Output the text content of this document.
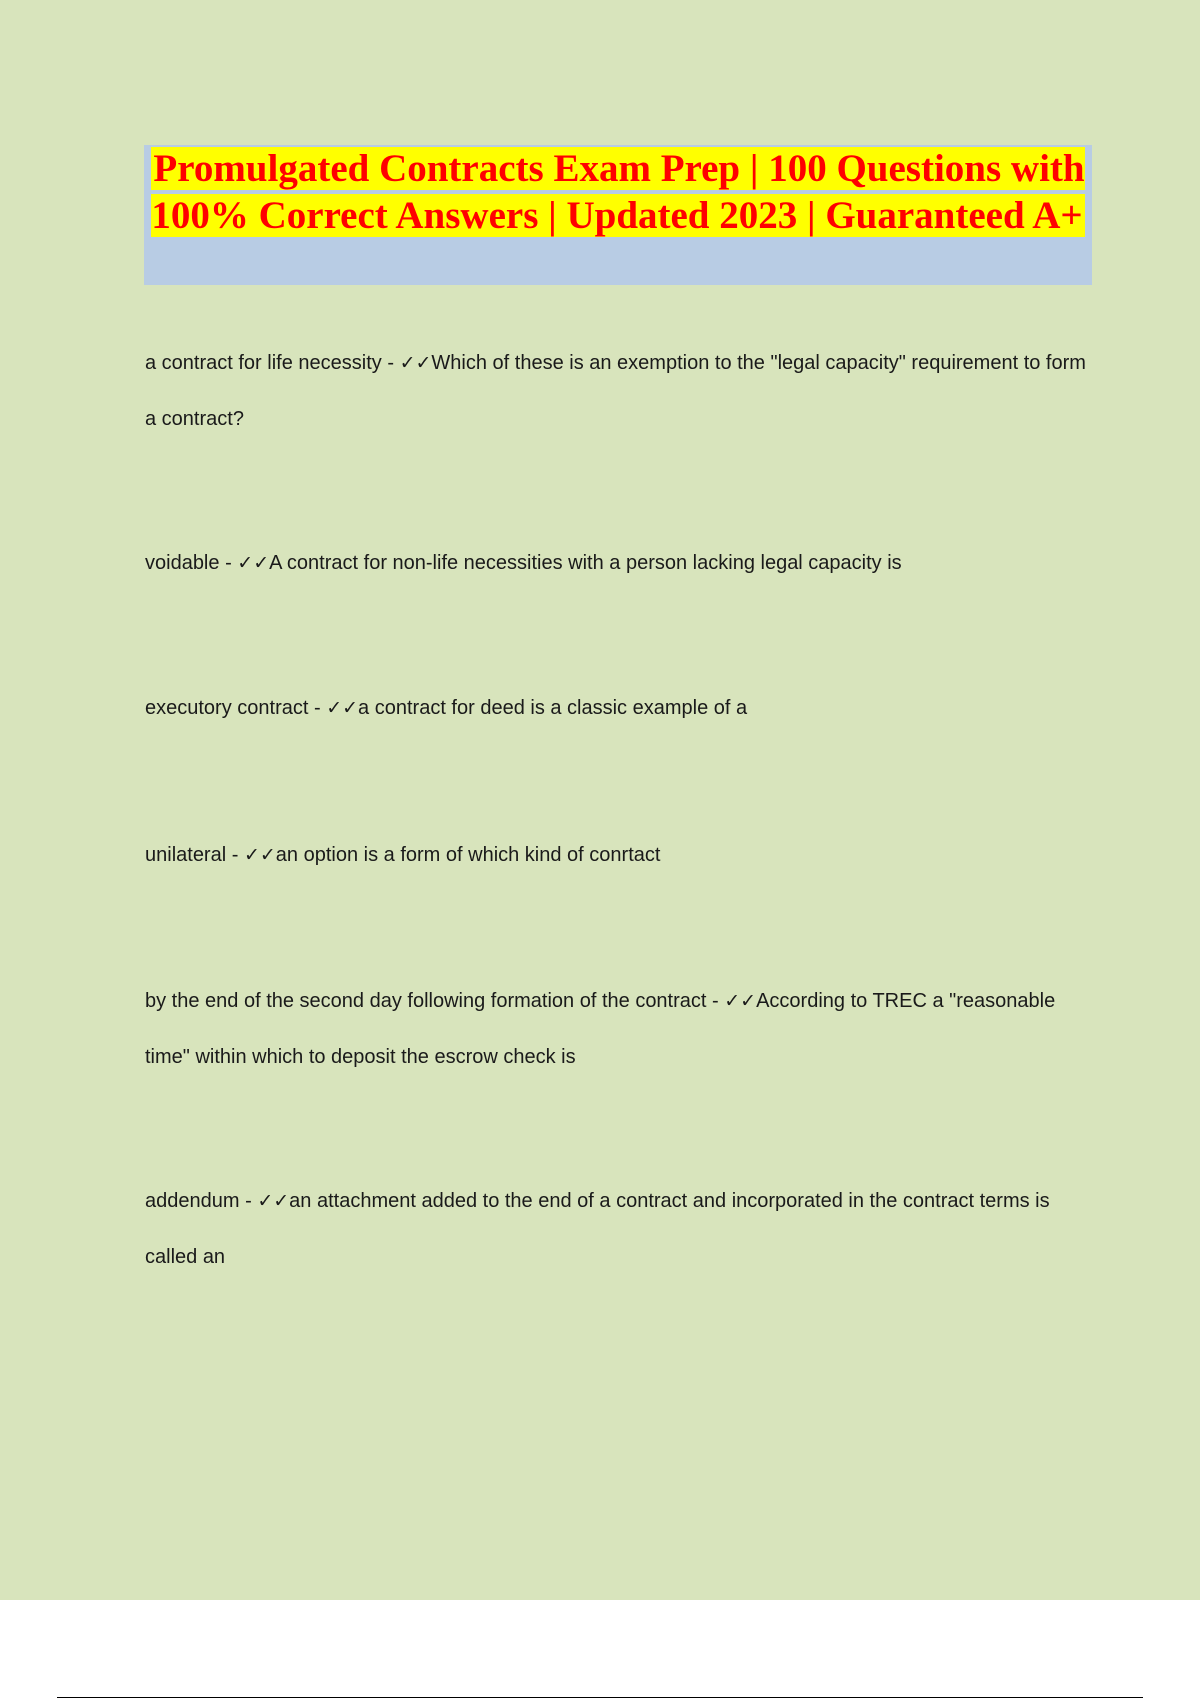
Promulgated Contracts Exam Prep | 100 Questions with 100% Correct Answers | Updated 2023 | Guaranteed A+
a contract for life necessity - ✓✓Which of these is an exemption to the "legal capacity" requirement to form a contract?
voidable - ✓✓A contract for non-life necessities with a person lacking legal capacity is
executory contract - ✓✓a contract for deed is a classic example of a
unilateral - ✓✓an option is a form of which kind of conrtact
by the end of the second day following formation of the contract - ✓✓According to TREC a "reasonable time" within which to deposit the escrow check is
addendum - ✓✓an attachment added to the end of a contract and incorporated in the contract terms is called an
